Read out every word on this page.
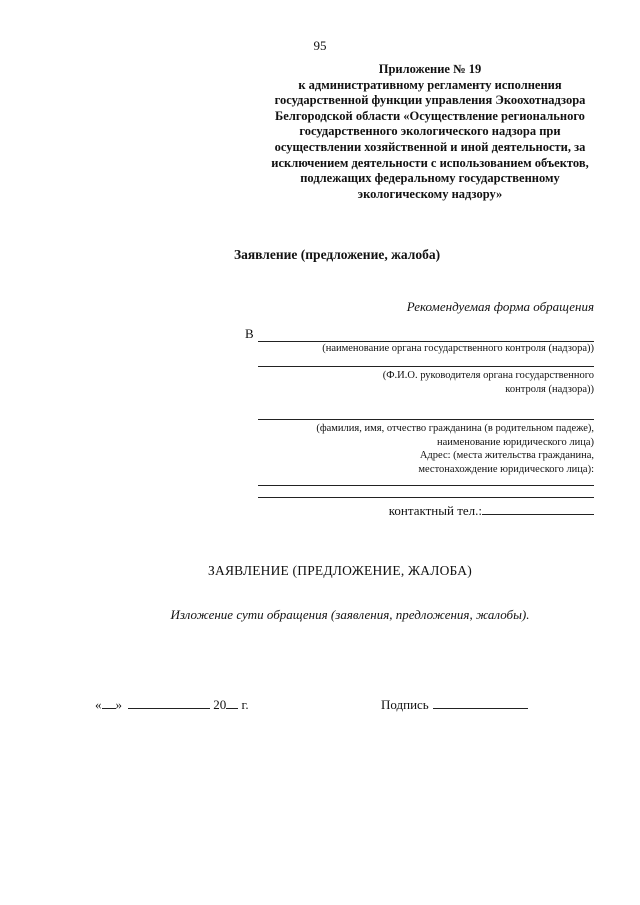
95
Приложение № 19
к административному регламенту исполнения
государственной функции управления Экоохотнадзора
Белгородской области «Осуществление регионального
государственного экологического надзора при
осуществлении хозяйственной и иной деятельности, за
исключением деятельности с использованием объектов,
подлежащих федеральному государственному
экологическому надзору»
Заявление (предложение, жалоба)
Рекомендуемая форма обращения
В
(наименование органа государственного контроля (надзора))
(Ф.И.О. руководителя органа государственного
контроля (надзора))
(фамилия, имя, отчество гражданина (в родительном падеже),
наименование юридического лица)
Адрес: (места жительства гражданина,
местонахождение юридического лица):
контактный тел.:
ЗАЯВЛЕНИЕ (ПРЕДЛОЖЕНИЕ, ЖАЛОБА)
Изложение сути обращения (заявления, предложения, жалобы).
« »	20 г.	Подпись
